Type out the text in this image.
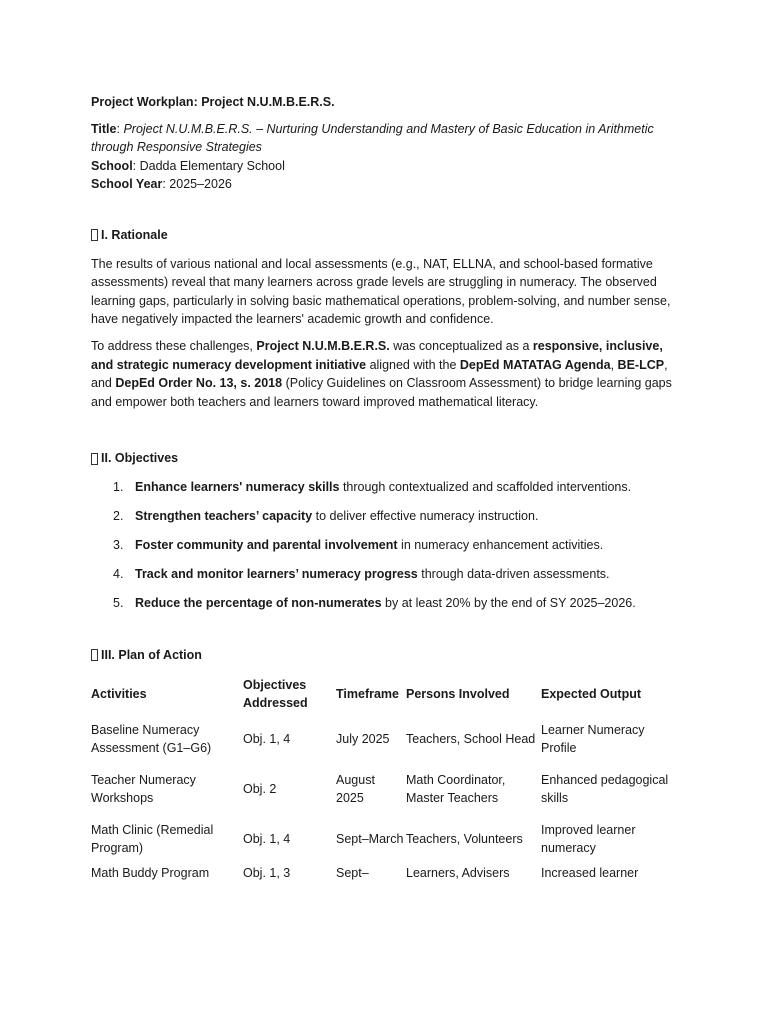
Project Workplan: Project N.U.M.B.E.R.S.

Title: Project N.U.M.B.E.R.S. – Nurturing Understanding and Mastery of Basic Education in Arithmetic through Responsive Strategies

School: Dadda Elementary School

School Year: 2025–2026

I. Rationale

The results of various national and local assessments (e.g., NAT, ELLNA, and school-based formative assessments) reveal that many learners across grade levels are struggling in numeracy. The observed learning gaps, particularly in solving basic mathematical operations, problem-solving, and number sense, have negatively impacted the learners' academic growth and confidence.

To address these challenges, Project N.U.M.B.E.R.S. was conceptualized as a responsive, inclusive, and strategic numeracy development initiative aligned with the DepEd MATATAG Agenda, BE-LCP, and DepEd Order No. 13, s. 2018 (Policy Guidelines on Classroom Assessment) to bridge learning gaps and empower both teachers and learners toward improved mathematical literacy.

II. Objectives
1. Enhance learners' numeracy skills through contextualized and scaffolded interventions.
2. Strengthen teachers’ capacity to deliver effective numeracy instruction.
3. Foster community and parental involvement in numeracy enhancement activities.
4. Track and monitor learners’ numeracy progress through data-driven assessments.
5. Reduce the percentage of non-numerates by at least 20% by the end of SY 2025–2026.
III. Plan of Action
Activities	Objectives Addressed	Timeframe	Persons Involved	Expected Output
Baseline Numeracy Assessment (G1–G6)	Obj. 1, 4	July 2025	Teachers, School Head	Learner Numeracy Profile
Teacher Numeracy Workshops	Obj. 2	August 2025	Math Coordinator, Master Teachers	Enhanced pedagogical skills
Math Clinic (Remedial Program)	Obj. 1, 4	Sept–March	Teachers, Volunteers	Improved learner numeracy
Math Buddy Program	Obj. 1, 3	Sept–	Learners, Advisers	Increased learner
